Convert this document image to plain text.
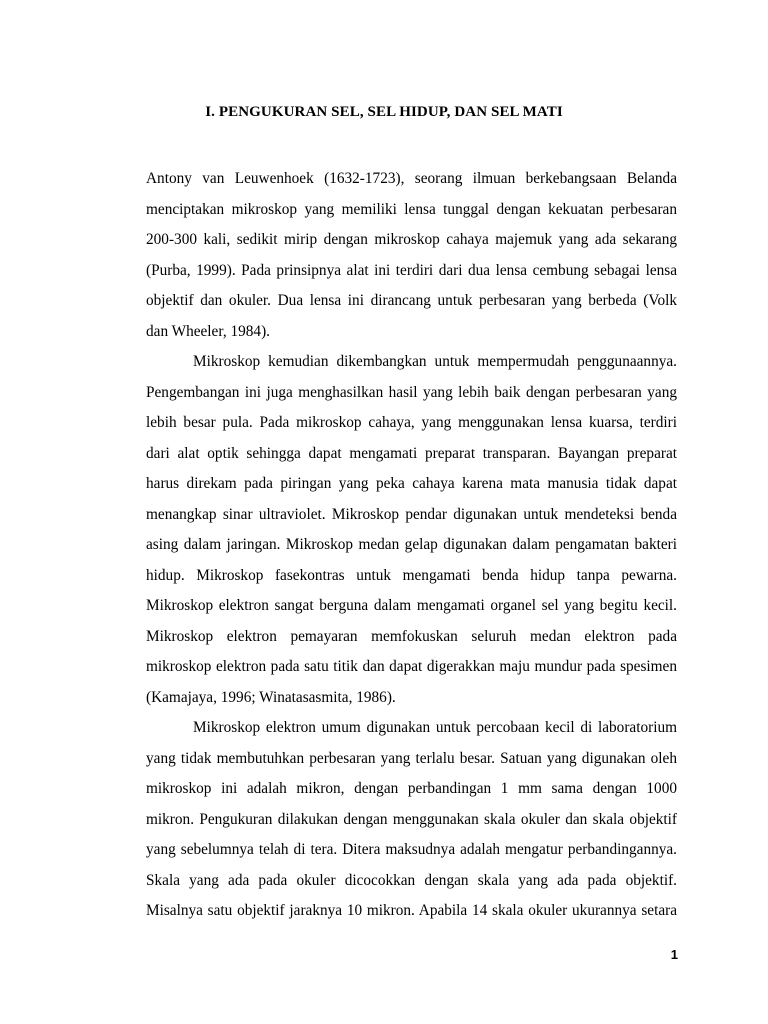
I. PENGUKURAN SEL, SEL HIDUP, DAN SEL MATI
Antony van Leuwenhoek (1632-1723), seorang ilmuan berkebangsaan Belanda
menciptakan mikroskop yang memiliki lensa tunggal dengan kekuatan perbesaran
200-300 kali, sedikit mirip dengan mikroskop cahaya majemuk yang ada sekarang
(Purba, 1999). Pada prinsipnya alat ini terdiri dari dua lensa cembung sebagai lensa
objektif dan okuler. Dua lensa ini dirancang untuk perbesaran yang berbeda (Volk
dan Wheeler, 1984).
Mikroskop kemudian dikembangkan untuk mempermudah penggunaannya.
Pengembangan ini juga menghasilkan hasil yang lebih baik dengan perbesaran yang
lebih besar pula. Pada mikroskop cahaya, yang menggunakan lensa kuarsa, terdiri
dari alat optik sehingga dapat mengamati preparat transparan. Bayangan preparat
harus direkam pada piringan yang peka cahaya karena mata manusia tidak dapat
menangkap sinar ultraviolet. Mikroskop pendar digunakan untuk mendeteksi benda
asing dalam jaringan. Mikroskop medan gelap digunakan dalam pengamatan bakteri
hidup. Mikroskop fasekontras untuk mengamati benda hidup tanpa pewarna.
Mikroskop elektron sangat berguna dalam mengamati organel sel yang begitu kecil.
Mikroskop elektron pemayaran memfokuskan seluruh medan elektron pada
mikroskop elektron pada satu titik dan dapat digerakkan maju mundur pada spesimen
(Kamajaya, 1996; Winatasasmita, 1986).
Mikroskop elektron umum digunakan untuk percobaan kecil di laboratorium
yang tidak membutuhkan perbesaran yang terlalu besar. Satuan yang digunakan oleh
mikroskop ini adalah mikron, dengan perbandingan 1 mm sama dengan 1000
mikron. Pengukuran dilakukan dengan menggunakan skala okuler dan skala objektif
yang sebelumnya telah di tera. Ditera maksudnya adalah mengatur perbandingannya.
Skala yang ada pada okuler dicocokkan dengan skala yang ada pada objektif.
Misalnya satu objektif jaraknya 10 mikron. Apabila 14 skala okuler ukurannya setara
1
